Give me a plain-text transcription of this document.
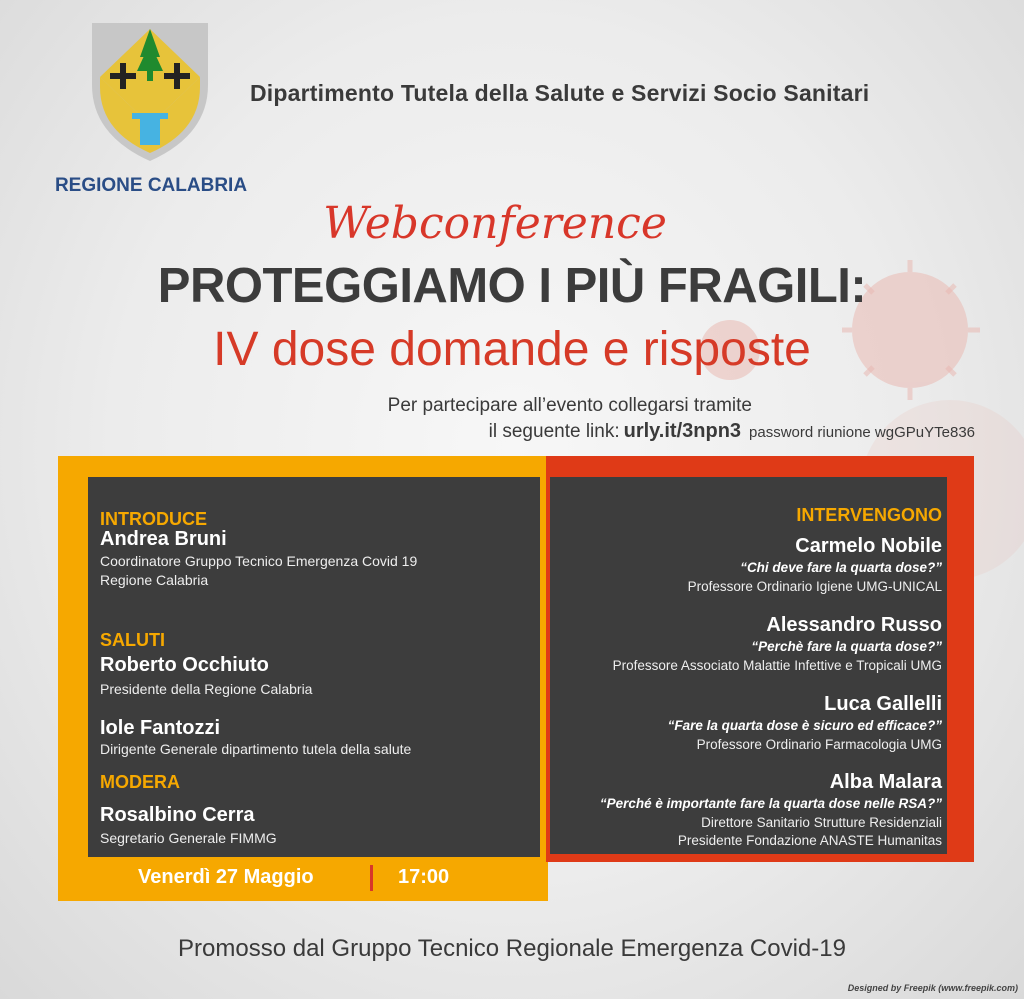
REGIONE CALABRIA
Dipartimento Tutela della Salute e Servizi Socio Sanitari
Webconference
PROTEGGIAMO I PIÙ FRAGILI:
IV dose domande e risposte
Per partecipare all’evento collegarsi tramite
il seguente link: urly.it/3npn3 password riunione wgGPuYTe836
INTRODUCE
Andrea Bruni
Coordinatore Gruppo Tecnico Emergenza Covid 19
Regione Calabria
SALUTI
Roberto Occhiuto
Presidente della Regione Calabria
Iole Fantozzi
Dirigente Generale dipartimento tutela della salute
MODERA
Rosalbino Cerra
Segretario Generale FIMMG
INTERVENGONO
Carmelo Nobile
“Chi deve fare la quarta dose?”
Professore Ordinario Igiene UMG-UNICAL
Alessandro Russo
“Perchè fare la quarta dose?”
Professore Associato Malattie Infettive e Tropicali UMG
Luca Gallelli
“Fare la quarta dose è sicuro ed efficace?”
Professore Ordinario Farmacologia UMG
Alba Malara
“Perché è importante fare la quarta dose nelle RSA?”
Direttore Sanitario Strutture Residenziali
Presidente Fondazione ANASTE Humanitas
Venerdì 27 Maggio	17:00
Promosso dal Gruppo Tecnico Regionale Emergenza Covid-19
Designed by Freepik (www.freepik.com)
